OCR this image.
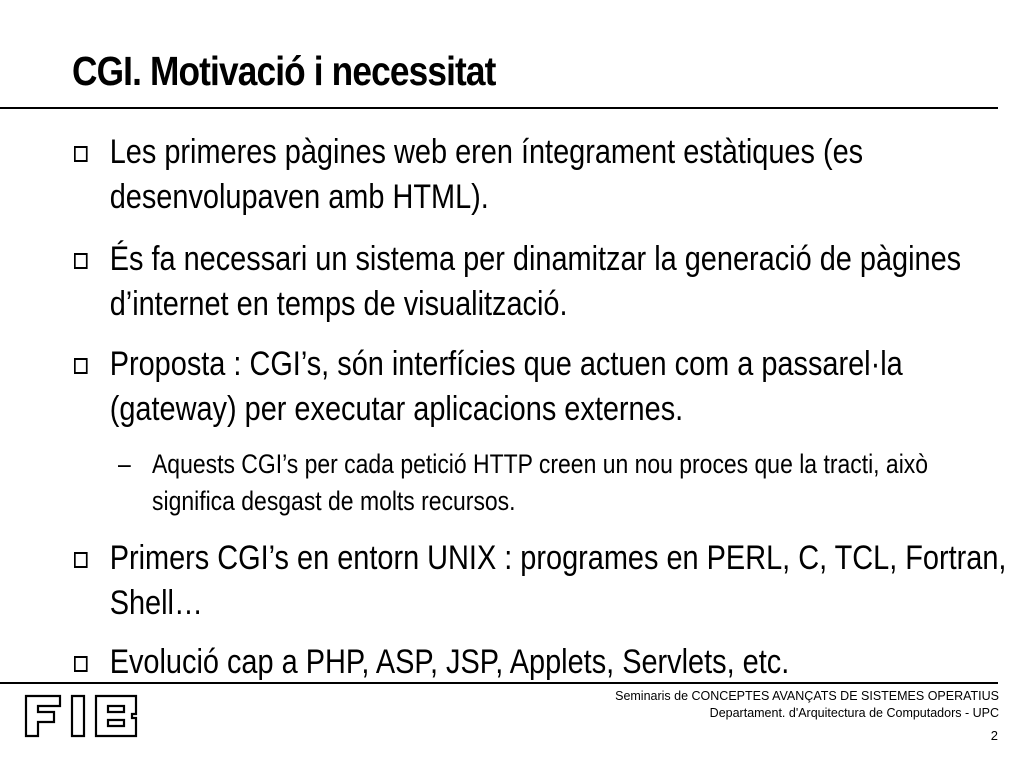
CGI. Motivació i necessitat
Les primeres pàgines web eren íntegrament estàtiques (es desenvolupaven amb HTML).
És fa necessari un sistema per dinamitzar la generació de pàgines d’internet en temps de visualització.
Proposta : CGI’s, són interfícies que actuen com a passarel·la (gateway) per executar aplicacions externes.
– Aquests CGI’s per cada petició HTTP creen un nou proces que la tracti, això significa desgast de molts recursos.
Primers CGI’s en entorn UNIX : programes en PERL, C, TCL, Fortran, Shell…
Evolució cap a PHP, ASP, JSP, Applets, Servlets, etc.
Seminaris de CONCEPTES AVANÇATS DE SISTEMES OPERATIUS
Departament. d'Arquitectura de Computadors - UPC
2
